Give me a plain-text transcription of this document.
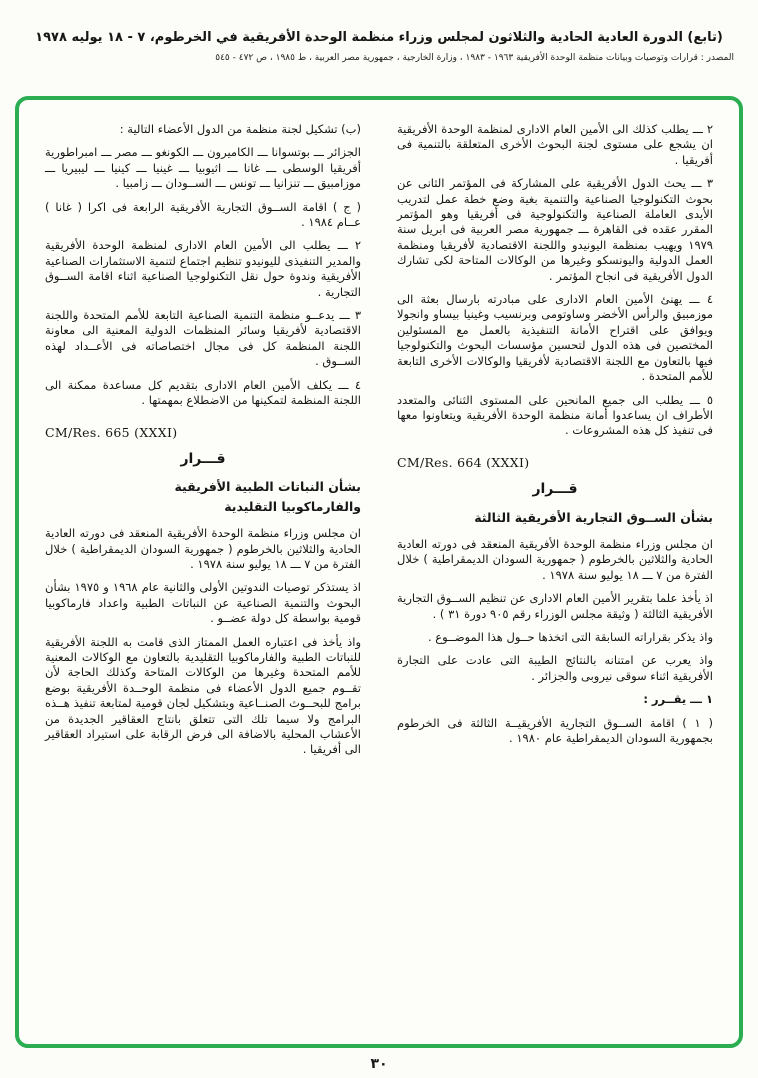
(تابع) الدورة العادية الحادية والثلاثون لمجلس وزراء منظمة الوحدة الأفريقية في الخرطوم، ٧ - ١٨ يوليه ١٩٧٨
المصدر : قرارات وتوصيات وبيانات منظمة الوحدة الأفريقية ١٩٦٣ - ١٩٨٣ ، وزارة الخارجية ، جمهورية مصر العربية ، ط ١٩٨٥ ، ص ٤٧٢ - ٥٤٥

٢ ـــ يطلب كذلك الى الأمين العام الادارى لمنظمة الوحدة الأفريقية ان يشجع على مستوى لجنة البحوث الأخرى المتعلقة بالتنمية فى أفريقيا .

٣ ـــ يحث الدول الأفريقية على المشاركة فى المؤتمر الثانى عن بحوث التكنولوجيا الصناعية والتنمية بغية وضع خطة عمل لتدريب الأيدى العاملة الصناعية والتكنولوجية فى أفريقيا وهو المؤتمر المقرر عقده فى القاهرة ـــ جمهورية مصر العربية فى ابريل سنة ١٩٧٩ ويهيب بمنظمة اليونيدو واللجنة الاقتصادية لأفريقيا ومنظمة العمل الدولية واليونسكو وغيرها من الوكالات المتاحة لكى تشارك الدول الأفريقية فى انجاح المؤتمر .

٤ ـــ يهنئ الأمين العام الادارى على مبادرته بارسال بعثة الى موزمبيق والرأس الأخضر وساوتومى وبرنسيب وغينيا بيساو وانجولا ويوافق على اقتراح الأمانة التنفيذية بالعمل مع المسئولين المختصين فى هذه الدول لتحسين مؤسسات البحوث والتكنولوجيا فيها بالتعاون مع اللجنة الاقتصادية لأفريقيا والوكالات الأخرى التابعة للأمم المتحدة .

٥ ـــ يطلب الى جميع المانحين على المستوى الثنائى والمتعدد الأطراف ان يساعدوا أمانة منظمة الوحدة الأفريقية ويتعاونوا معها فى تنفيذ كل هذه المشروعات .

CM/Res. 664 (XXXI)

قـــرار

بشأن الســوق التجارية الأفريقية الثالثة

ان مجلس وزراء منظمة الوحدة الأفريقية المنعقد فى دورته العادية الحادية والثلاثين بالخرطوم ( جمهورية السودان الديمقراطية ) خلال الفترة من ٧ ـــ ١٨ يوليو سنة ١٩٧٨ .

اذ يأخذ علما بتقرير الأمين العام الادارى عن تنظيم الســوق التجارية الأفريقية الثالثة ( وثيقة مجلس الوزراء رقم ٩٠٥ دورة ٣١ ) .

واذ يذكر بقراراته السابقة التى اتخذها حــول هذا الموضــوع .

واذ يعرب عن امتنانه بالنتائج الطيبة التى عادت على التجارة الأفريقية اثناء سوقى نيروبى والجزائر .

١ ـــ يقــرر :

( ١ ) اقامة الســوق التجارية الأفريقيــة الثالثة فى الخرطوم بجمهورية السودان الديمقراطية عام ١٩٨٠ .

(ب) تشكيل لجنة منظمة من الدول الأعضاء التالية :

الجزائر ـــ بوتسوانا ـــ الكاميرون ـــ الكونغو ـــ مصر ـــ امبراطورية أفريقيا الوسطى ـــ غانا ـــ اثيوبيا ـــ غينيا ـــ كينيا ـــ ليبيريا ـــ موزامبيق ـــ تنزانيا ـــ تونس ـــ الســودان ـــ زامبيا .

( ج ) اقامة الســوق التجارية الأفريقية الرابعة فى اكرا ( غانا ) عــام ١٩٨٤ .

٢ ـــ يطلب الى الأمين العام الادارى لمنظمة الوحدة الأفريقية والمدير التنفيذى لليونيدو تنظيم اجتماع لتنمية الاستثمارات الصناعية الأفريقية وندوة حول نقل التكنولوجيا الصناعية اثناء اقامة الســوق التجارية .

٣ ـــ يدعــو منظمة التنمية الصناعية التابعة للأمم المتحدة واللجنة الاقتصادية لأفريقيا وسائر المنظمات الدولية المعنية الى معاونة اللجنة المنظمة كل فى مجال اختصاصاته فى الأعــداد لهذه الســوق .

٤ ـــ يكلف الأمين العام الادارى بتقديم كل مساعدة ممكنة الى اللجنة المنظمة لتمكينها من الاضطلاع بمهمتها .

CM/Res. 665 (XXXI)

قـــرار

بشأن النباتات الطبية الأفريقية

والفارماكوبيا التقليدية

ان مجلس وزراء منظمة الوحدة الأفريقية المنعقد فى دورته العادية الحادية والثلاثين بالخرطوم ( جمهورية السودان الديمقراطية ) خلال الفترة من ٧ ـــ ١٨ يوليو سنة ١٩٧٨ .

اذ يستذكر توصيات الندوتين الأولى والثانية عام ١٩٦٨ و ١٩٧٥ بشأن البحوث والتنمية الصناعية عن النباتات الطبية واعداد فارماكوبيا قومية بواسطة كل دولة عضــو .

واذ يأخذ فى اعتباره العمل الممتاز الذى قامت به اللجنة الأفريقية للنباتات الطبية والفارماكوبيا التقليدية بالتعاون مع الوكالات المعنية للأمم المتحدة وغيرها من الوكالات المتاحة وكذلك الحاجة لأن تقــوم جميع الدول الأعضاء فى منظمة الوحــدة الأفريقية بوضع برامج للبحــوث الصنــاعية وبتشكيل لجان قومية لمتابعة تنفيذ هــذه البرامج ولا سيما تلك التى تتعلق بانتاج العقاقير الجديدة من الأعشاب المحلية بالاضافة الى فرض الرقابة على استيراد العقاقير الى أفريقيا .

٣٠
